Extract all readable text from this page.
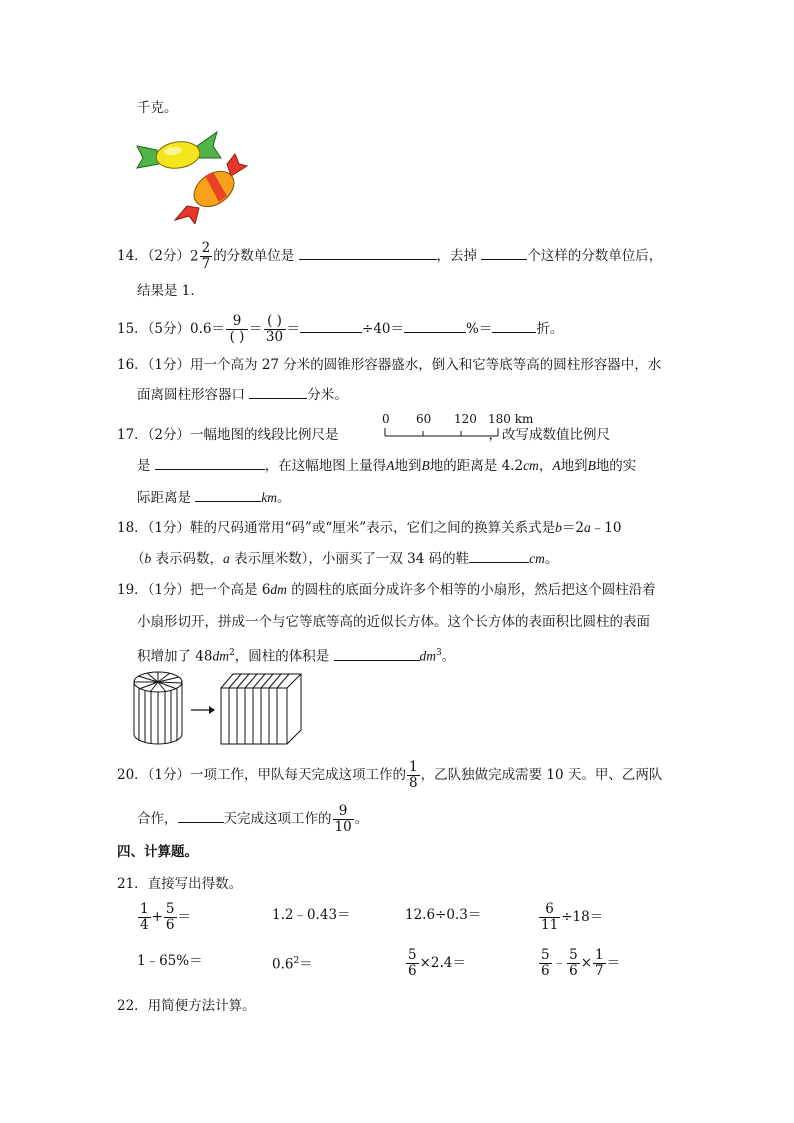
千克。
14．（2分）$2 \frac{2}{7}$ 的分数单位是	，去掉	个这样的分数单位后，
结果是 1．
15．（5分）$0.6= \frac{9}{( )} = \frac{( )}{30}$ ＝	÷40＝	%＝	折。
16．（1分）用一个高为 27 分米的圆锥形容器盛水，倒入和它等底等高的圆柱形容器中，水
面离圆柱形容器口	分米。
17．（2分）一幅地图的线段比例尺是	，改写成数值比例尺
0 60 120 180 km
是	，在这幅地图上量得A地到B地的距离是 4.2cm，A地到B地的实
际距离是	km。
18．（1分）鞋的尺码通常用“码”或“厘米”表示，它们之间的换算关系式是b＝2a﹣10
（b 表示码数，a 表示厘米数），小丽买了一双 34 码的鞋	cm。
19．（1分）把一个高是 6dm 的圆柱的底面分成许多个相等的小扇形，然后把这个圆柱沿着
小扇形切开，拼成一个与它等底等高的近似长方体。这个长方体的表面积比圆柱的表面
积增加了 $48dm^2$，圆柱的体积是	$dm^3$。
20．（1分）一项工作，甲队每天完成这项工作的 $\frac{1}{8}$ ，乙队独做完成需要 10 天。甲、乙两队
合作，	天完成这项工作的 $\frac{9}{10}$ 。
四、计算题。
21．直接写出得数。
$\frac{1}{4} + \frac{5}{6}$ ＝	1.2﹣0.43＝	12.6÷0.3＝	$\frac{6}{11} \div 18=$
1﹣65%＝	$0.6^2=$	$\frac{5}{6} \times 2.4=$	$\frac{5}{6}$ ﹣ $\frac{5}{6} \times \frac{1}{7}$ ＝
22．用简便方法计算。
